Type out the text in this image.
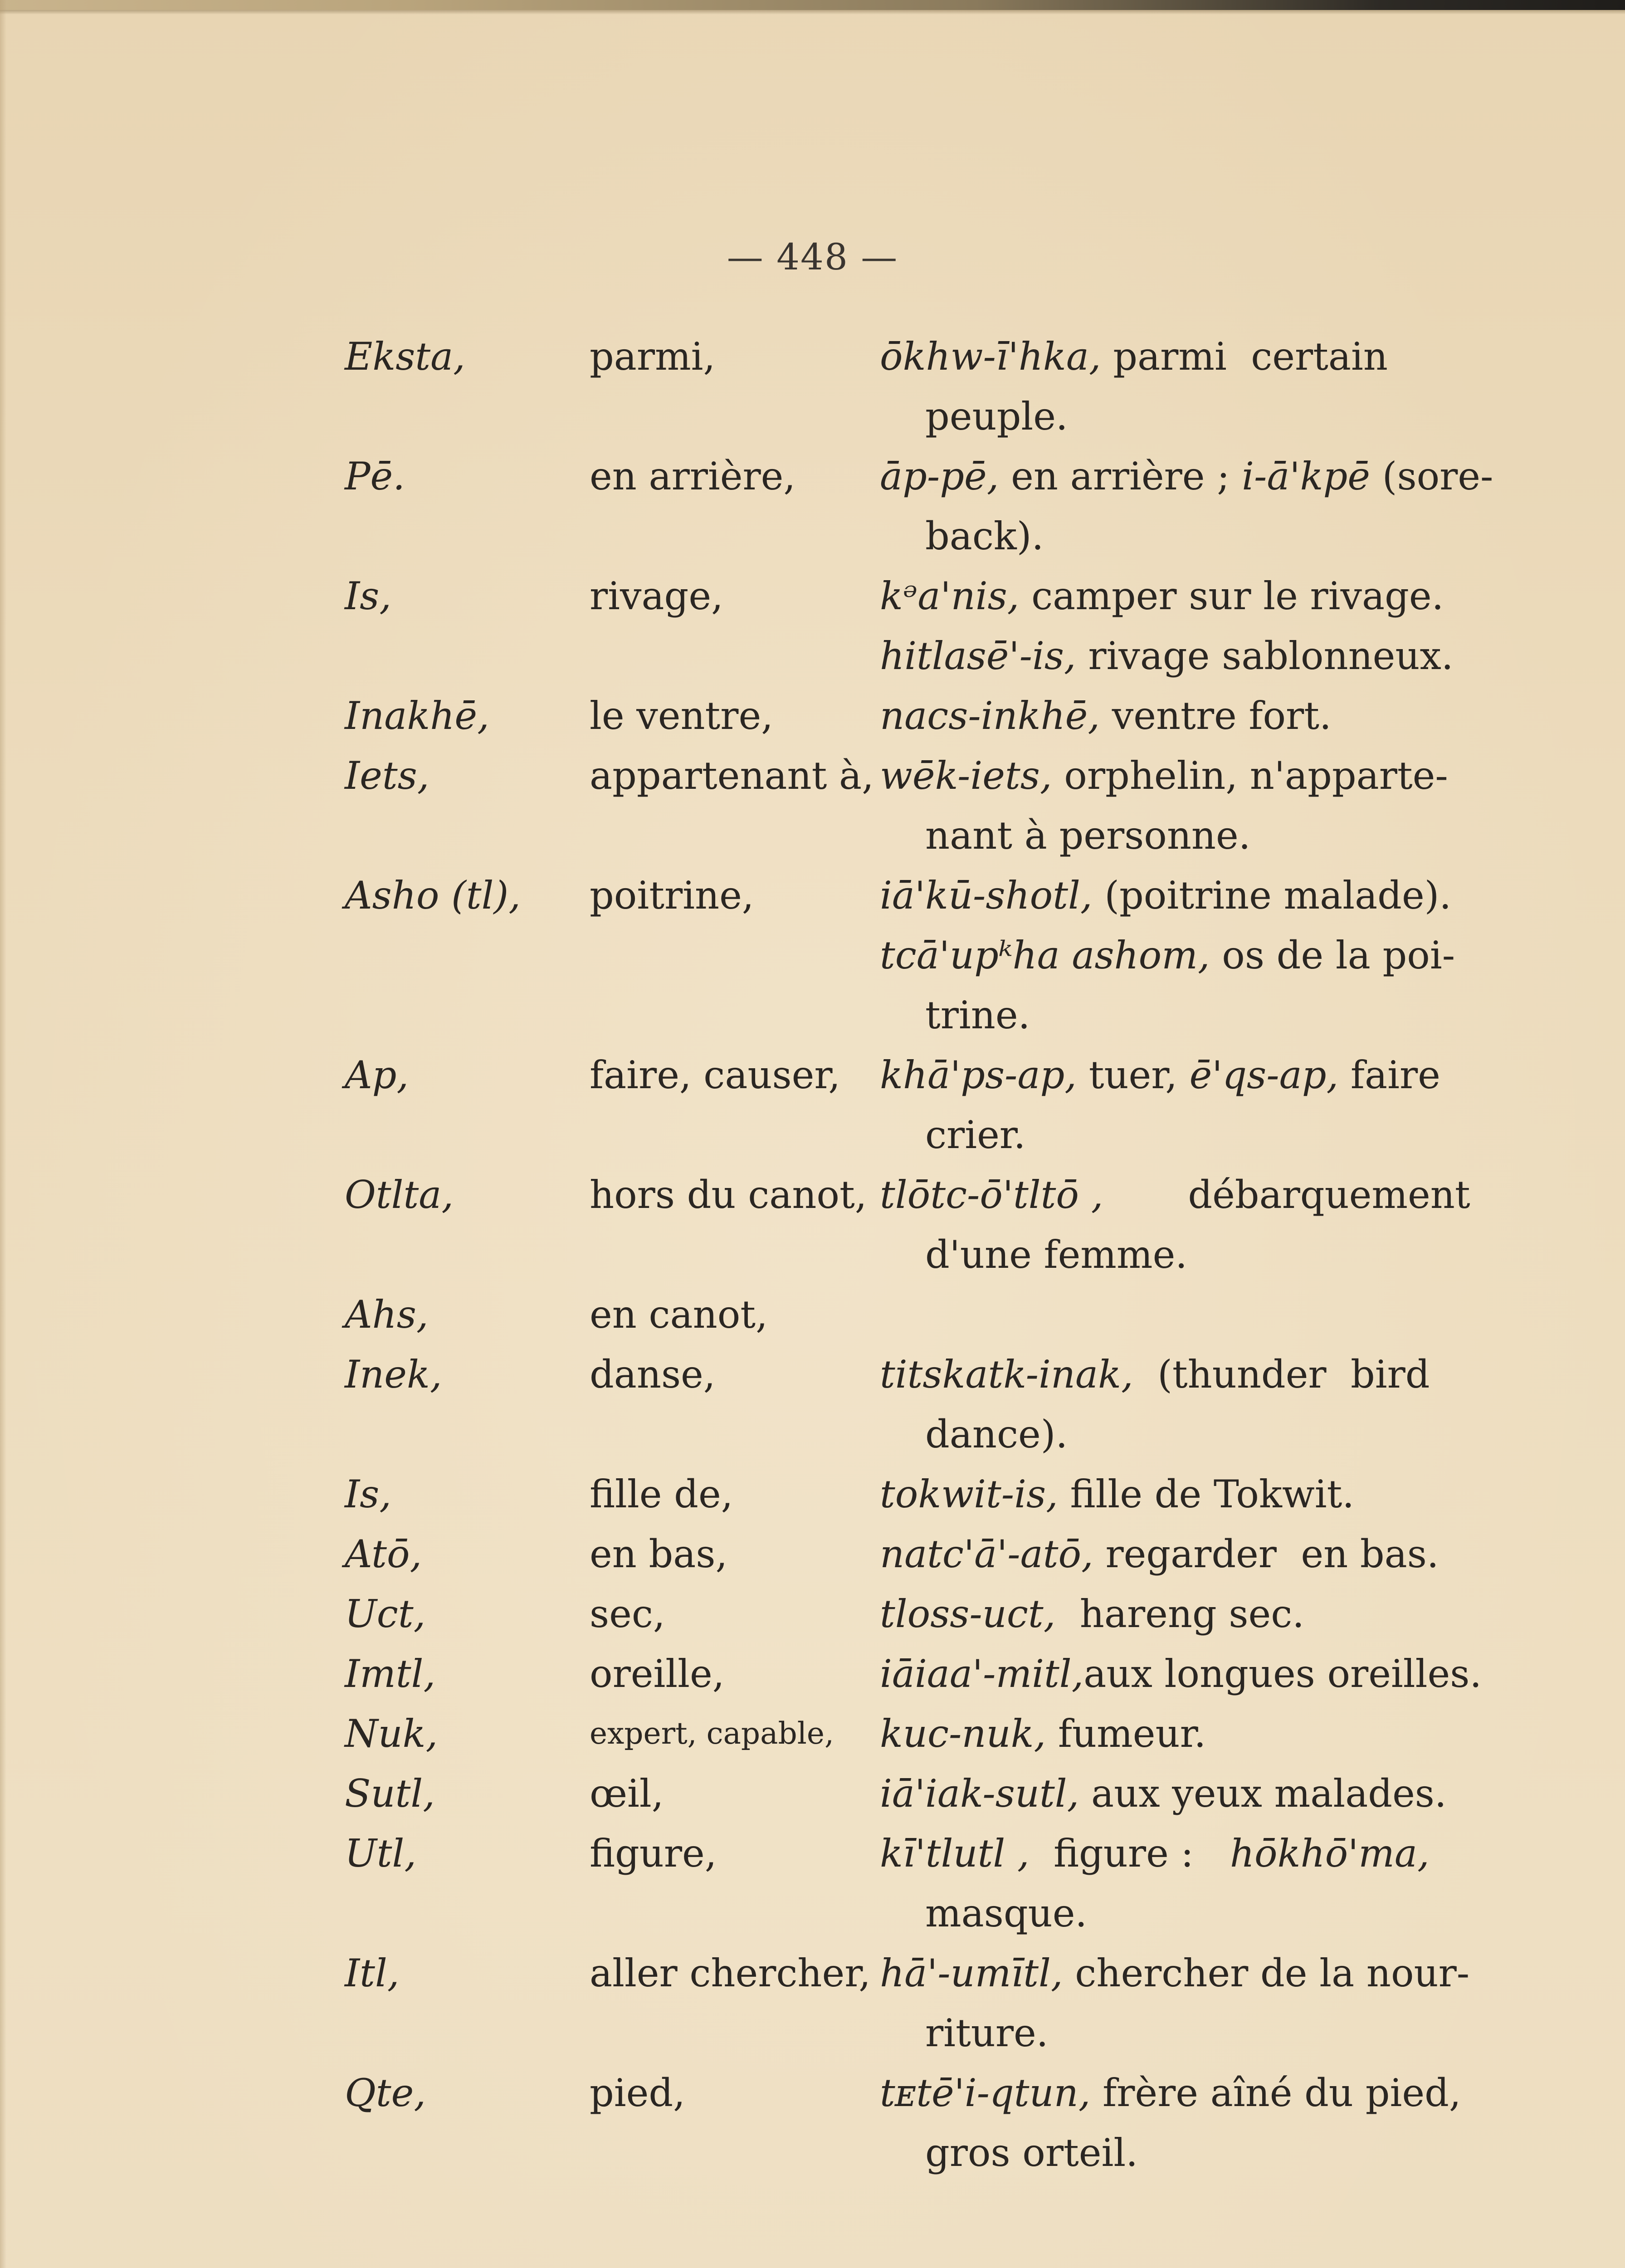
— 448 —
Eksta,	parmi,	ōkhw-ī'hka, parmi  certain
peuple.
Pē.	en arrière,	āp-pē, en arrière ; i-ā'kpē (sore-
back).
Is,	rivage,	kᵊa'nis, camper sur le rivage.
hitlasē'-is, rivage sablonneux.
Inakhē,	le ventre,	nacs-inkhē, ventre fort.
Iets,	appartenant à, wēk-iets, orphelin, n'apparte-
nant à personne.
Asho (tl),	poitrine,	iā'kū-shotl, (poitrine malade).
tcā'upᵏha ashom, os de la poi-
trine.
Ap,	faire, causer,	khā'ps-ap, tuer, ē'qs-ap, faire
crier.
Otlta,	hors du canot, tlōtc-ō'tltō ,       débarquement
d'une femme.
Ahs,	en canot,

Inek,	danse,	titskatk-inak,  (thunder  bird
dance).
Is,	fille de,	tokwit-is, fille de Tokwit.
Atō,	en bas,	natc'ā'-atō, regarder  en bas.
Uct,	sec,	tloss-uct,  hareng sec.
Imtl,	oreille,	iāiaa'-mitl,aux longues oreilles.
Nuk,	expert, capable,	kuc-nuk, fumeur.
Sutl,	œil,	iā'iak-sutl, aux yeux malades.
Utl,	figure,	kī'tlutl ,  figure :   hōkhō'ma,
masque.
Itl,	aller chercher, hā'-umītl, chercher de la nour-
riture.
Qte,	pied,	tᴇtē'i-qtun, frère aîné du pied,
gros orteil.
